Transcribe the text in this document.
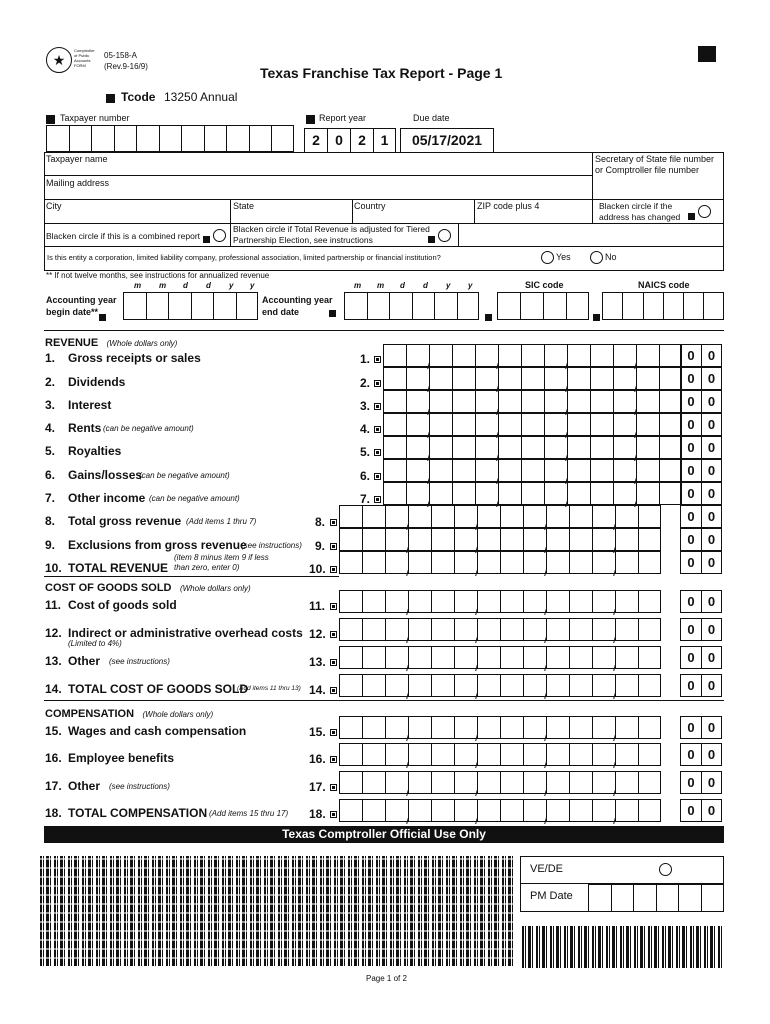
★
Comptroller of Public Accounts FORM
05-158-A
(Rev.9-16/9)	Texas Franchise Tax Report - Page 1
Tcode 13250 Annual
Taxpayer number	Report year	Due date
2	0	2	1	05/17/2021
Taxpayer name	Secretary of State file number or Comptroller file number
Mailing address
City	State	Country	ZIP code plus 4	Blacken circle if the address has changed
Blacken circle if this is a combined report
Blacken circle if Total Revenue is adjusted for Tiered Partnership Election, see instructions
Is this entity a corporation, limited liability company, professional association, limited partnership or financial institution?	Yes	No
** If not twelve months, see instructions for annualized revenue
m m d d y y	m m d d y y	SIC code	NAICS code
Accounting year begin date**
Accounting year end date
REVENUE (Whole dollars only)
1. Gross receipts or sales	1.	0	0
2. Dividends	2.	0	0
3. Interest	3.	0	0
4. Rents (can be negative amount)	4.	0	0
5. Royalties	5.	0	0
6. Gains/losses
(can be negative amount)	6.	0	0
7. Other income (can be negative amount)	7.	0	0
8. Total gross revenue (Add items 1 thru 7)	8.	0	0
9. Exclusions from gross revenue
(see instructions) 9.	0	0
10. TOTAL REVENUE
(item 8 minus item 9 if less than zero, enter 0)	10.	0	0
COST OF GOODS SOLD (Whole dollars only)
11. Cost of goods sold	11.	0	0
12. Indirect or administrative overhead costs
(Limited to 4%)
12.	0	0
13. Other (see instructions)	13.	0	0
14. TOTAL COST OF GOODS SOLD
(Add items 11 thru 13) 14.	0	0
COMPENSATION (Whole dollars only)
15. Wages and cash compensation	15.	0	0
16. Employee benefits	16.	0	0
17. Other (see instructions)	17.	0	0
18. TOTAL COMPENSATION (Add items 15 thru 17) 18.	0	0
Texas Comptroller Official Use Only
VE/DE
PM Date
Page 1 of 2
